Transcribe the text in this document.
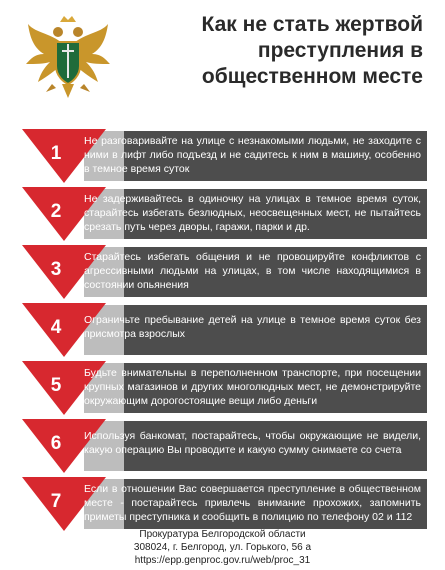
Как не стать жертвой
преступления в
общественном месте
1
Не разговаривайте на улице с незнакомыми людьми, не заходите с ними в лифт либо подъезд и не садитесь к ним в машину, особенно в темное время суток
2
Не задерживайтесь в одиночку на улицах в темное время суток, старайтесь избегать безлюдных, неосвещенных мест, не пытайтесь срезать путь через дворы, гаражи, парки и др.
3
Старайтесь избегать общения и не провоцируйте конфликтов с агрессивными людьми на улицах, в том числе находящимися в состоянии опьянения
4	Ограничьте пребывание детей на улице в темное время суток без присмотра взрослых
5
Будьте внимательны в переполненном транспорте, при посещении крупных магазинов и других многолюдных мест, не демонстрируйте окружающим дорогостоящие вещи либо деньги
6	Используя банкомат, постарайтесь, чтобы окружающие не видели, какую операцию Вы проводите и какую сумму снимаете со счета
7
Если в отношении Вас совершается преступление в общественном месте - постарайтесь привлечь внимание прохожих, запомнить приметы преступника и сообщить в полицию по телефону 02 и 112
Прокуратура Белгородской области
308024, г. Белгород, ул. Горького, 56 а
https://epp.genproc.gov.ru/web/proc_31
